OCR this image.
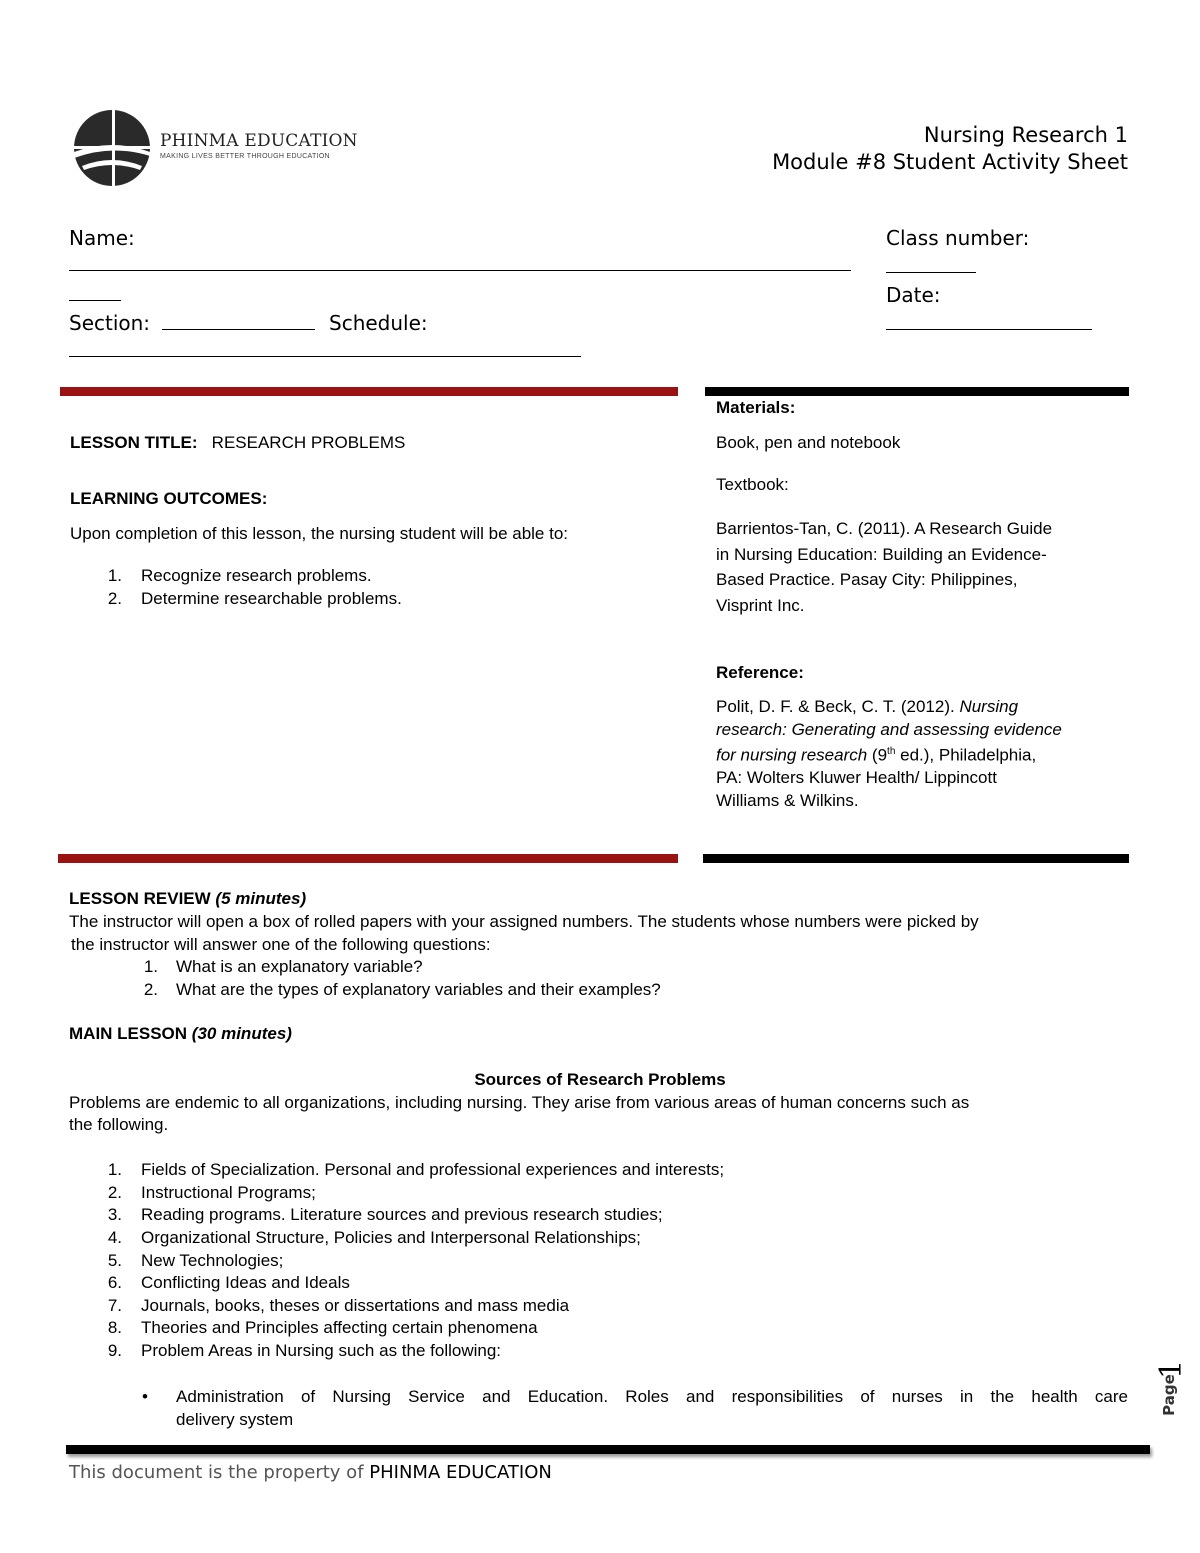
PHINMA EDUCATION
MAKING LIVES BETTER THROUGH EDUCATION
Nursing Research 1
Module #8 Student Activity Sheet
Name:	Class number:
Date:
Section:	Schedule:
LESSON TITLE: RESEARCH PROBLEMS
LEARNING OUTCOMES:
Upon completion of this lesson, the nursing student will be able to:
1. Recognize research problems.
2. Determine researchable problems.
Materials:
Book, pen and notebook
Textbook:
Barrientos-Tan, C. (2011). A Research Guide
in Nursing Education: Building an Evidence-
Based Practice. Pasay City: Philippines,
Visprint Inc.
Reference:
Polit, D. F. & Beck, C. T. (2012). Nursing
research: Generating and assessing evidence
for nursing research (9th ed.), Philadelphia,
PA: Wolters Kluwer Health/ Lippincott
Williams & Wilkins.
LESSON REVIEW (5 minutes)
The instructor will open a box of rolled papers with your assigned numbers. The students whose numbers were picked by
the instructor will answer one of the following questions:
1. What is an explanatory variable?
2. What are the types of explanatory variables and their examples?
MAIN LESSON (30 minutes)
Sources of Research Problems
Problems are endemic to all organizations, including nursing. They arise from various areas of human concerns such as
the following.
1. Fields of Specialization. Personal and professional experiences and interests;
2. Instructional Programs;
3. Reading programs. Literature sources and previous research studies;
4. Organizational Structure, Policies and Interpersonal Relationships;
5. New Technologies;
6. Conflicting Ideas and Ideals
7. Journals, books, theses or dissertations and mass media
8. Theories and Principles affecting certain phenomena
9. Problem Areas in Nursing such as the following:
• Administration of Nursing Service and Education. Roles and responsibilities of nurses in the health care
delivery system
This document is the property of PHINMA EDUCATION
Page
1
